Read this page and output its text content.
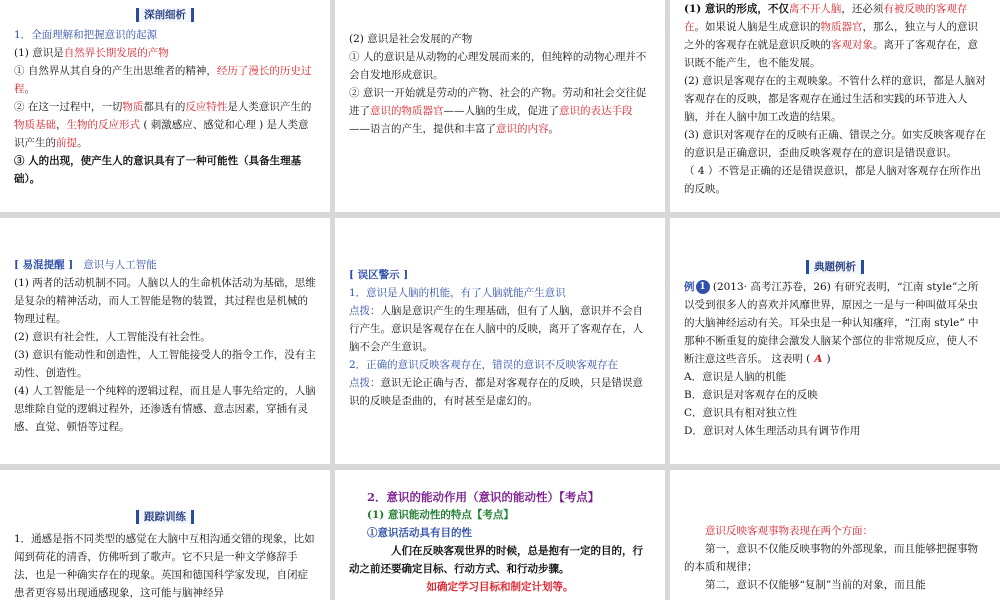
深剖细析
1．全面理解和把握意识的起源
(1) 意识是自然界长期发展的产物
① 自然界从其自身的产生出思维者的精神，经历了漫长的历史过程。
② 在这一过程中，一切物质都具有的反应特性是人类意识产生的物质基础，生物的反应形式 ( 刺激感应、感觉和心理 ) 是人类意识产生的前提。
③ 人的出现，使产生人的意识具有了一种可能性（具备生理基础）。
(2) 意识是社会发展的产物
① 人的意识是从动物的心理发展而来的，但纯粹的动物心理并不会自发地形成意识。
② 意识一开始就是劳动的产物、社会的产物。劳动和社会交往促进了意识的物质器官——人脑的生成，促进了意识的表达手段——语言的产生，提供和丰富了意识的内容。
(1) 意识的形成，不仅离不开人脑，还必须有被反映的客观存在。如果说人脑是生成意识的物质器官，那么，独立与人的意识之外的客观存在就是意识反映的客观对象。离开了客观存在，意识既不能产生，也不能发展。
(2) 意识是客观存在的主观映象。不管什么样的意识，都是人脑对客观存在的反映，都是客观存在通过生活和实践的环节进入人脑，并在人脑中加工改造的结果。
(3) 意识对客观存在的反映有正确、错误之分。如实反映客观存在的意识是正确意识，歪曲反映客观存在的意识是错误意识。
（ 4 ）不管是正确的还是错误意识，都是人脑对客观存在所作出的反映。
[ 易混提醒 ] 意识与人工智能
(1) 两者的活动机制不同。人脑以人的生命机体活动为基础，思维是复杂的精神活动，而人工智能是物的装置，其过程也是机械的物理过程。
(2) 意识有社会性，人工智能没有社会性。
(3) 意识有能动性和创造性，人工智能接受人的指令工作，没有主动性、创造性。
(4) 人工智能是一个纯粹的逻辑过程，而且是人事先给定的，人脑思维除自觉的逻辑过程外，还渗透有情感、意志因素，穿插有灵感、直觉、顿悟等过程。
[ 误区警示 ]
1．意识是人脑的机能，有了人脑就能产生意识
点拨：人脑是意识产生的生理基础，但有了人脑，意识并不会自行产生。意识是客观存在在人脑中的反映，离开了客观存在，人脑不会产生意识。
2．正确的意识反映客观存在，错误的意识不反映客观存在
点拨：意识无论正确与否，都是对客观存在的反映，只是错误意识的反映是歪曲的，有时甚至是虚幻的。
典题例析
例 1 (2013· 高考江苏卷，26) 有研究表明，“江南 style”之所以受到很多人的喜欢并风靡世界，原因之一是与一种叫做耳朵虫的大脑神经运动有关。耳朵虫是一种认知瘙痒，“江南 style” 中那种不断重复的旋律会激发人脑某个部位的非常规反应，使人不断注意这些音乐。 这表明 ( A )
A．意识是人脑的机能
B．意识是对客观存在的反映
C．意识具有相对独立性
D．意识对人体生理活动具有调节作用
跟踪训练
1．通感是指不同类型的感觉在大脑中互相沟通交错的现象，比如闻到荷花的清香，仿佛听到了歌声。它不只是一种文学修辞手法，也是一种确实存在的现象。英国和德国科学家发现，自闭症患者更容易出现通感现象，这可能与脑神经异
2．意识的能动作用（意识的能动性）【考点】
(1) 意识能动性的特点【考点】
①意识活动具有目的性
人们在反映客观世界的时候，总是抱有一定的目的，行动之前还要确定目标、行动方式、和行动步骤。
如确定学习目标和制定计划等。
意识反映客观事物表现在两个方面：
第一，意识不仅能反映事物的外部现象，而且能够把握事物的本质和规律；
第二，意识不仅能够“复制”当前的对象，而且能
